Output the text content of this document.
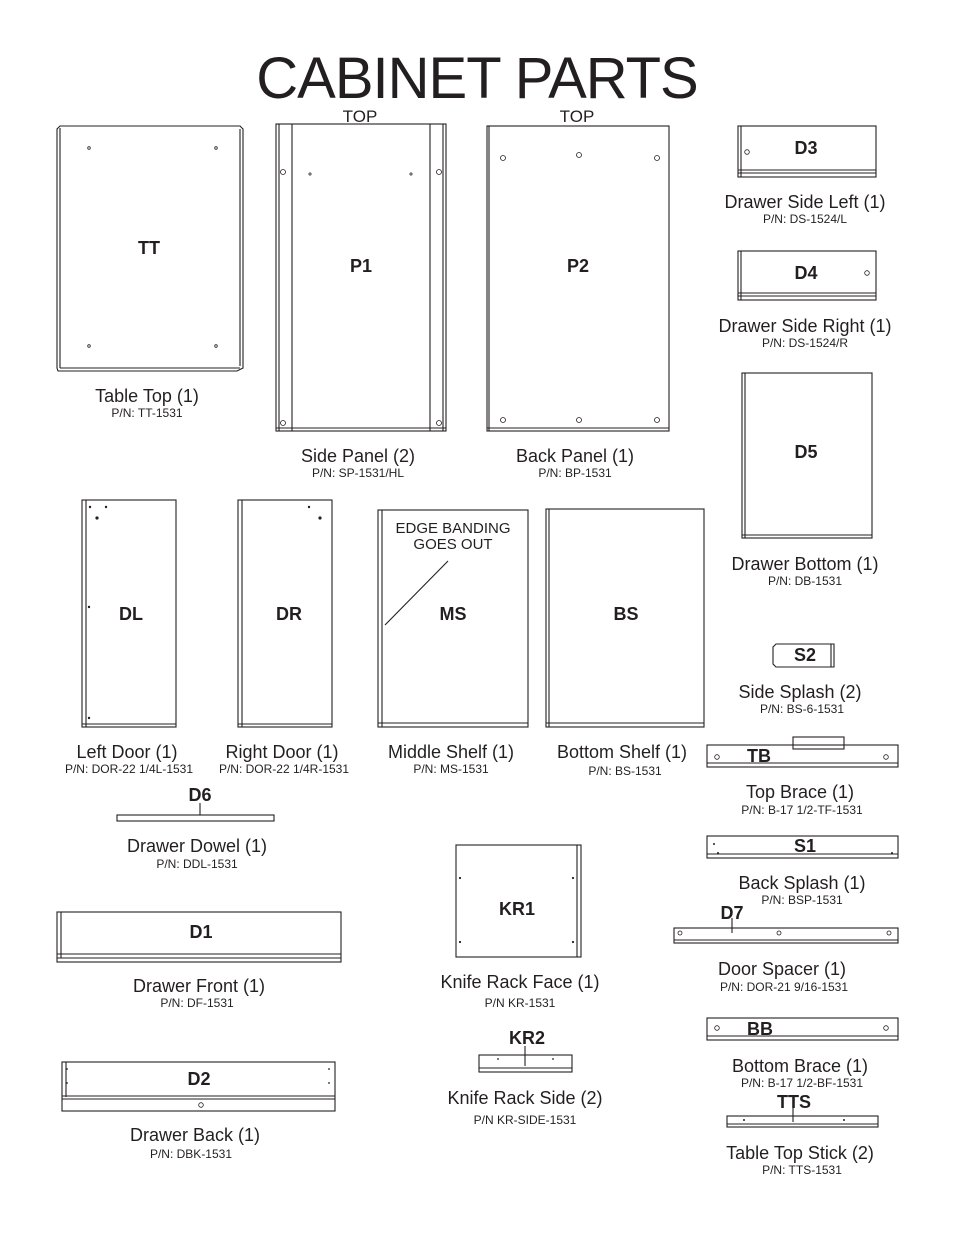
CABINET PARTS
TOP	TOP
EDGE BANDING
GOES OUT
TT
P1	P2
D3
D4
D5
DL	DR	MS	BS
S2
TB
D6
S1
KR1	D7
D1
KR2	BB
D2
TTS
Table Top (1)
P/N: TT-1531
Side Panel (2)
P/N: SP-1531/HL
Back Panel (1)
P/N: BP-1531
Drawer Side Left (1)
P/N: DS-1524/L
Drawer Side Right (1)
P/N: DS-1524/R
Drawer Bottom (1)
P/N: DB-1531
Left Door (1)
P/N: DOR-22 1/4L-1531
Right Door (1)
P/N: DOR-22 1/4R-1531
Middle Shelf (1)
P/N: MS-1531
Bottom Shelf (1)
P/N: BS-1531
Side Splash (2)
P/N: BS-6-1531
Top Brace (1)
P/N: B-17 1/2-TF-1531
Drawer Dowel (1)
P/N: DDL-1531
Back Splash (1)
P/N: BSP-1531
Knife Rack Face (1)
P/N KR-1531
Door Spacer (1)
P/N: DOR-21 9/16-1531
Drawer Front (1)
P/N: DF-1531
Knife Rack Side (2)
P/N KR-SIDE-1531
Bottom Brace (1)
P/N: B-17 1/2-BF-1531
Drawer Back (1)
P/N: DBK-1531	Table Top Stick (2)
P/N: TTS-1531
